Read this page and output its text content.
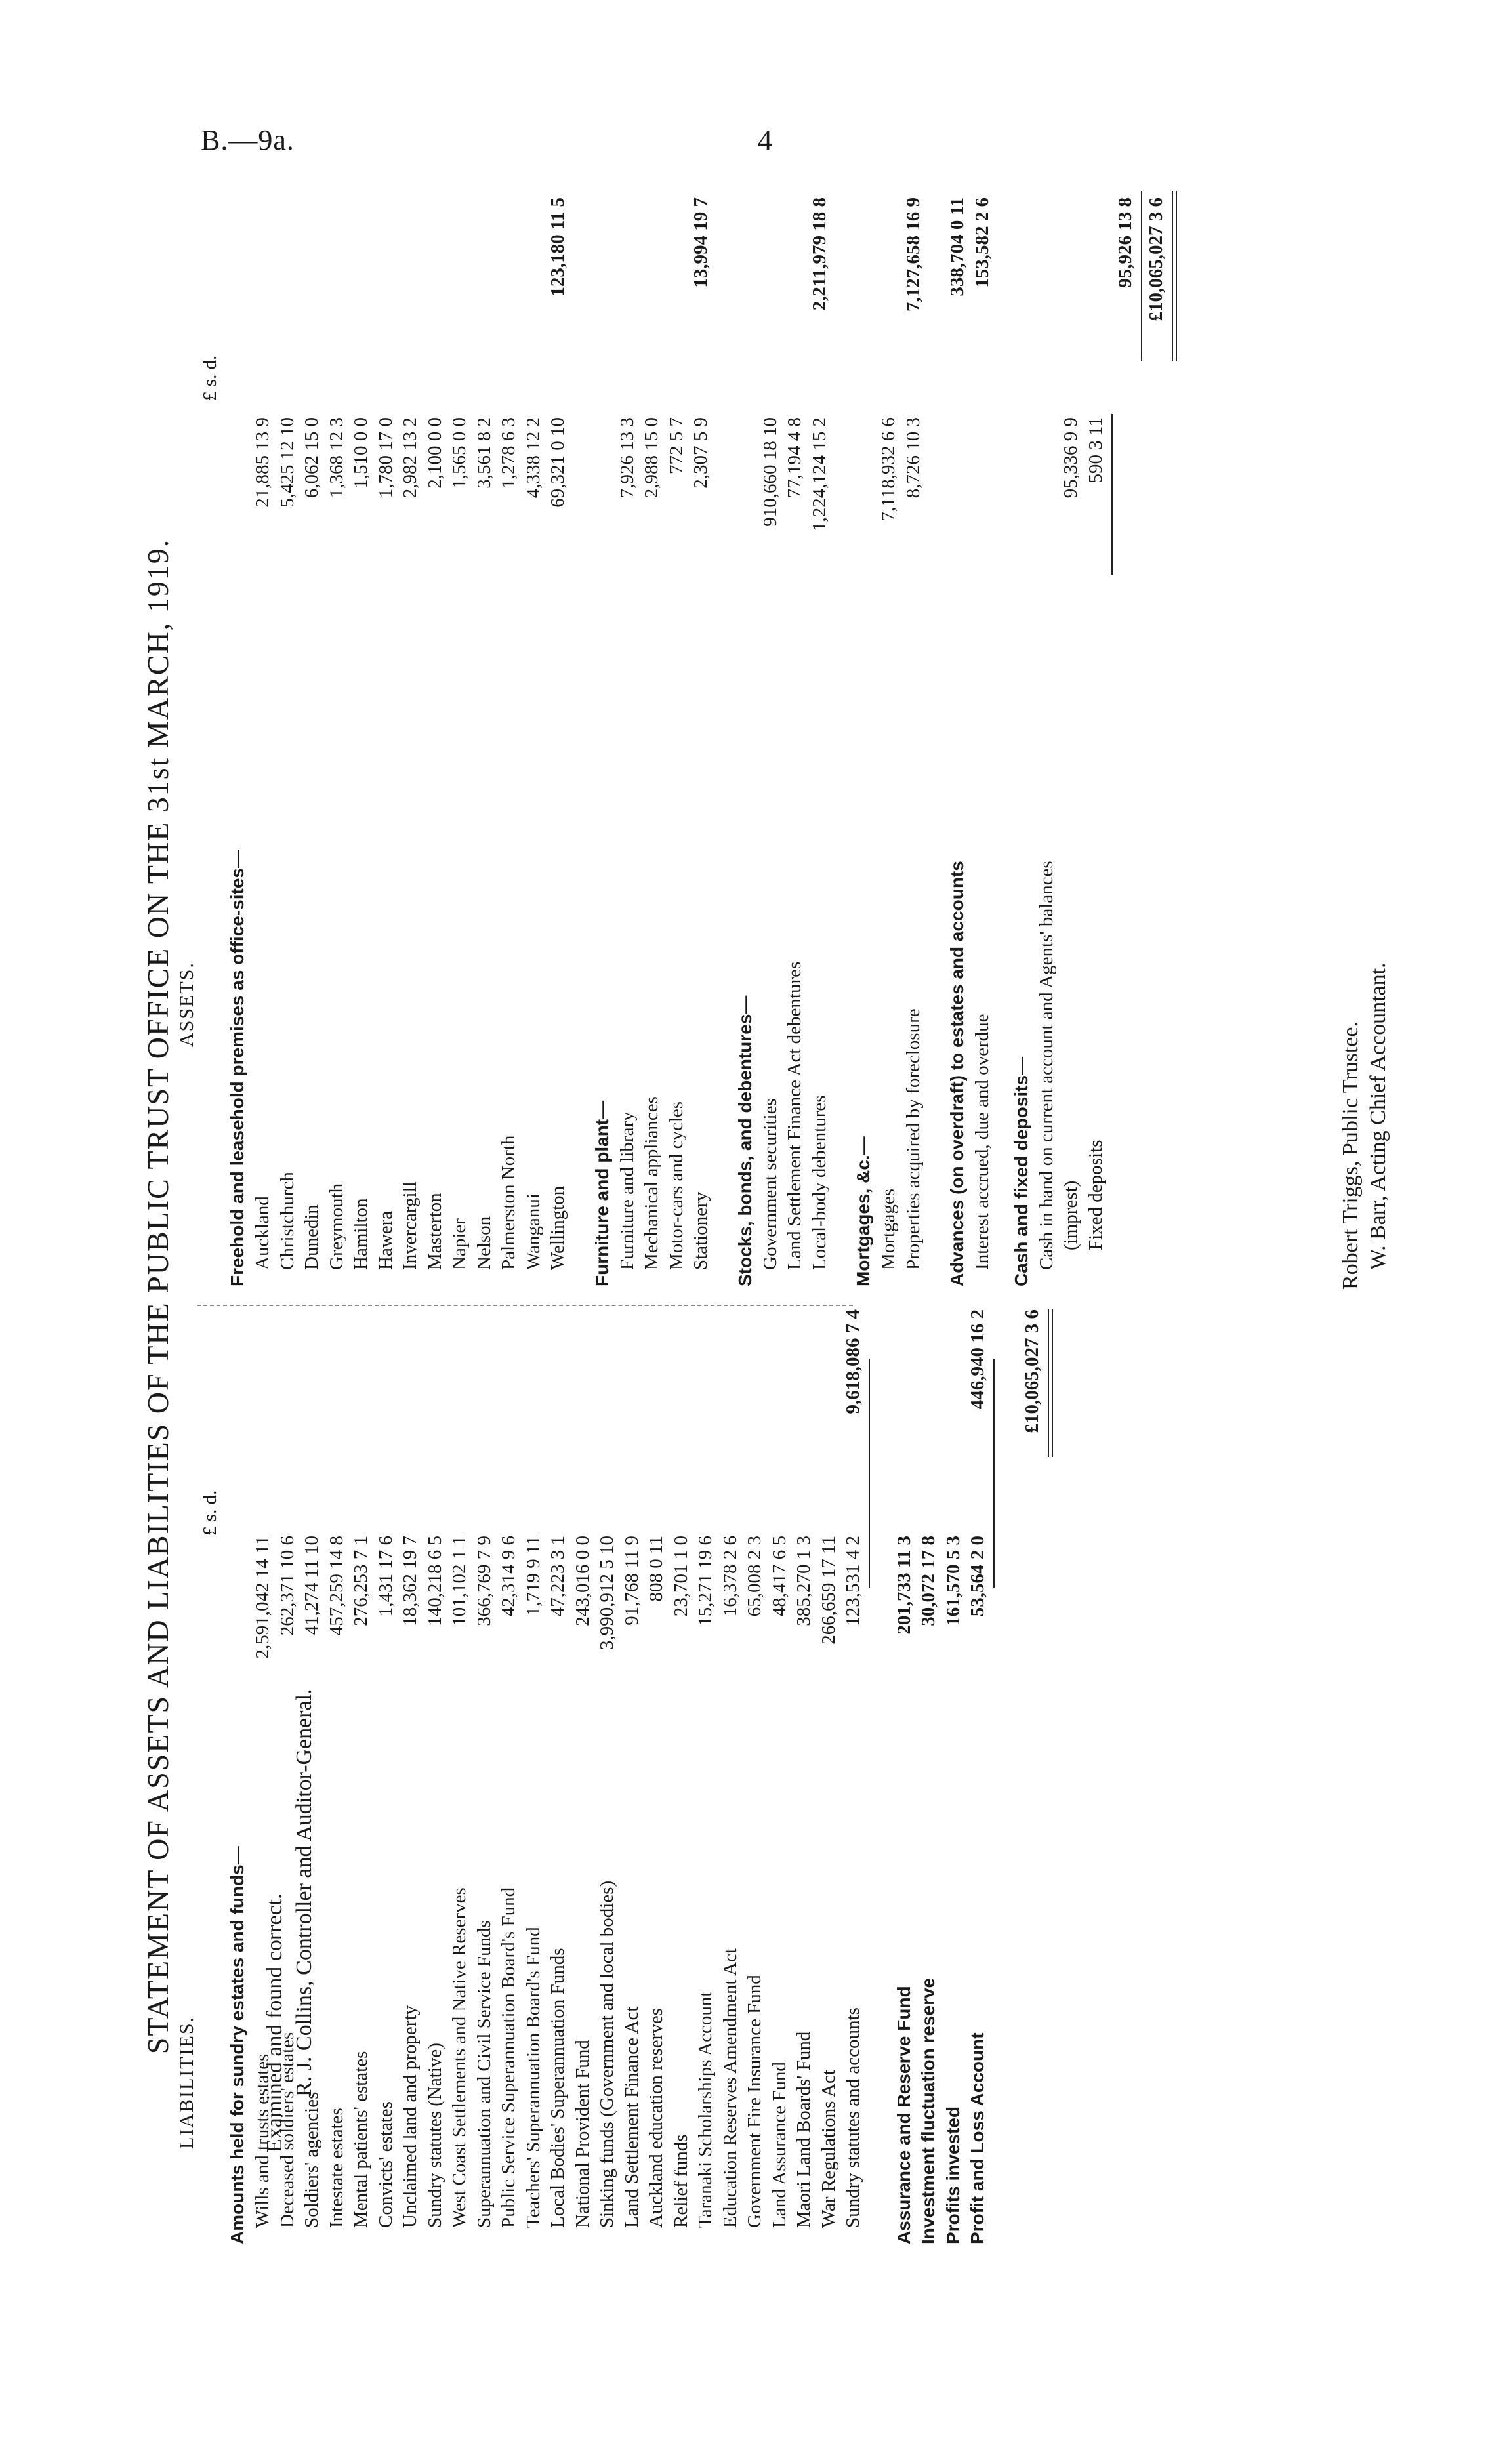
B.—9a.	4
STATEMENT OF ASSETS AND LIABILITIES OF THE PUBLIC TRUST OFFICE ON THE 31st MARCH, 1919.
LIABILITIES.
ASSETS.
£ s. d.
Amounts held for sundry estates and funds— Wills and trusts estates
2,591,042 14 11
Deceased soldiers' estates
262,371 10 6
Soldiers' agencies
41,274 11 10
Intestate estates
457,259 14 8
Mental patients' estates
276,253 7 1
Convicts' estates
1,431 17 6
Unclaimed land and property
18,362 19 7
Sundry statutes (Native)
140,218 6 5
West Coast Settlements and Native Reserves
101,102 1 1
Superannuation and Civil Service Funds
366,769 7 9
Public Service Superannuation Board's Fund
42,314 9 6
Teachers' Superannuation Board's Fund
1,719 9 11
Local Bodies' Superannuation Funds
47,223 3 1
National Provident Fund
243,016 0 0
Sinking funds (Government and local bodies)
3,990,912 5 10
Land Settlement Finance Act
91,768 11 9
Auckland education reserves
808 0 11
Relief funds
23,701 1 0
Taranaki Scholarships Account
15,271 19 6
Education Reserves Amendment Act
16,378 2 6
Government Fire Insurance Fund
65,008 2 3
Land Assurance Fund
48,417 6 5
Maori Land Boards' Fund
385,270 1 3
War Regulations Act
266,659 17 11
Sundry statutes and accounts
123,531 4 2
9,618,086 7 4
Assurance and Reserve Fund
201,733 11 3
Investment fluctuation reserve
30,072 17 8
Profits invested
161,570 5 3
Profit and Loss Account
53,564 2 0
446,940 16 2 £10,065,027 3 6
£ s. d.
Freehold and leasehold premises as office-sites— Auckland
21,885 13 9
Christchurch
5,425 12 10
Dunedin
6,062 15 0
Greymouth
1,368 12 3
Hamilton
1,510 0 0
Hawera
1,780 17 0
Invercargill
2,982 13 2
Masterton
2,100 0 0
Napier
1,565 0 0
Nelson
3,561 8 2
Palmerston North
1,278 6 3
Wanganui
4,338 12 2
Wellington
69,321 0 10
123,180 11 5
Furniture and plant— Furniture and library
7,926 13 3
Mechanical appliances
2,988 15 0
Motor-cars and cycles
772 5 7
Stationery
2,307 5 9
13,994 19 7
Stocks, bonds, and debentures— Government securities
910,660 18 10
Land Settlement Finance Act debentures
77,194 4 8
Local-body debentures
1,224,124 15 2
2,211,979 18 8
Mortgages, &c.— Mortgages
7,118,932 6 6
Properties acquired by foreclosure
8,726 10 3
7,127,658 16 9
Advances (on overdraft) to estates and accounts
338,704 0 11
Interest accrued, due and overdue
153,582 2 6
Cash and fixed deposits— Cash in hand on current account and Agents' balances (imprest)
95,336 9 9
Fixed deposits
590 3 11
95,926 13 8 £10,065,027 3 6
Examined and found correct. R. J. Collins, Controller and Auditor-General.
Robert Triggs, Public Trustee. W. Barr, Acting Chief Accountant.
